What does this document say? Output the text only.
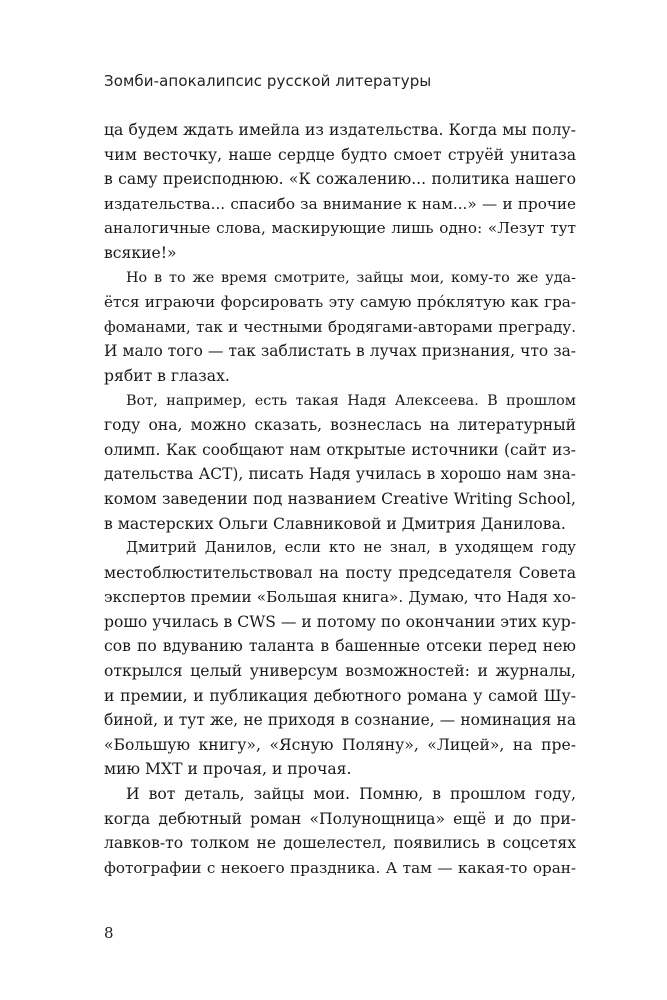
Зомби-апокалипсис русской литературы
ца будем ждать имейла из издательства. Когда мы полу-
чим весточку, наше сердце будто смоет струёй унитаза
в саму преисподнюю. «К сожалению... политика нашего
издательства... спасибо за внимание к нам...» — и прочие
аналогичные слова, маскирующие лишь одно: «Лезут тут
всякие!»
Но в то же время смотрите, зайцы мои, кому-то же уда-
ётся играючи форсировать эту самую про́клятую как гра-
фоманами, так и честными бродягами-авторами преграду.
И мало того — так заблистать в лучах признания, что за-
рябит в глазах.
Вот, например, есть такая Надя Алексеева. В прошлом
году она, можно сказать, вознеслась на литературный
олимп. Как сообщают нам открытые источники (сайт из-
дательства АСТ), писать Надя училась в хорошо нам зна-
комом заведении под названием Creative Writing School,
в мастерских Ольги Славниковой и Дмитрия Данилова.
Дмитрий Данилов, если кто не знал, в уходящем году
местоблюстительствовал на посту председателя Совета
экспертов премии «Большая книга». Думаю, что Надя хо-
рошо училась в CWS — и потому по окончании этих кур-
сов по вдуванию таланта в башенные отсеки перед нею
открылся целый универсум возможностей: и журналы,
и премии, и публикация дебютного романа у самой Шу-
биной, и тут же, не приходя в сознание, — номинация на
«Большую книгу», «Ясную Поляну», «Лицей», на пре-
мию МХТ и прочая, и прочая.
И вот деталь, зайцы мои. Помню, в прошлом году,
когда дебютный роман «Полунощница» ещё и до при-
лавков-то толком не дошелестел, появились в соцсетях
фотографии с некоего праздника. А там — какая-то оран-
8
